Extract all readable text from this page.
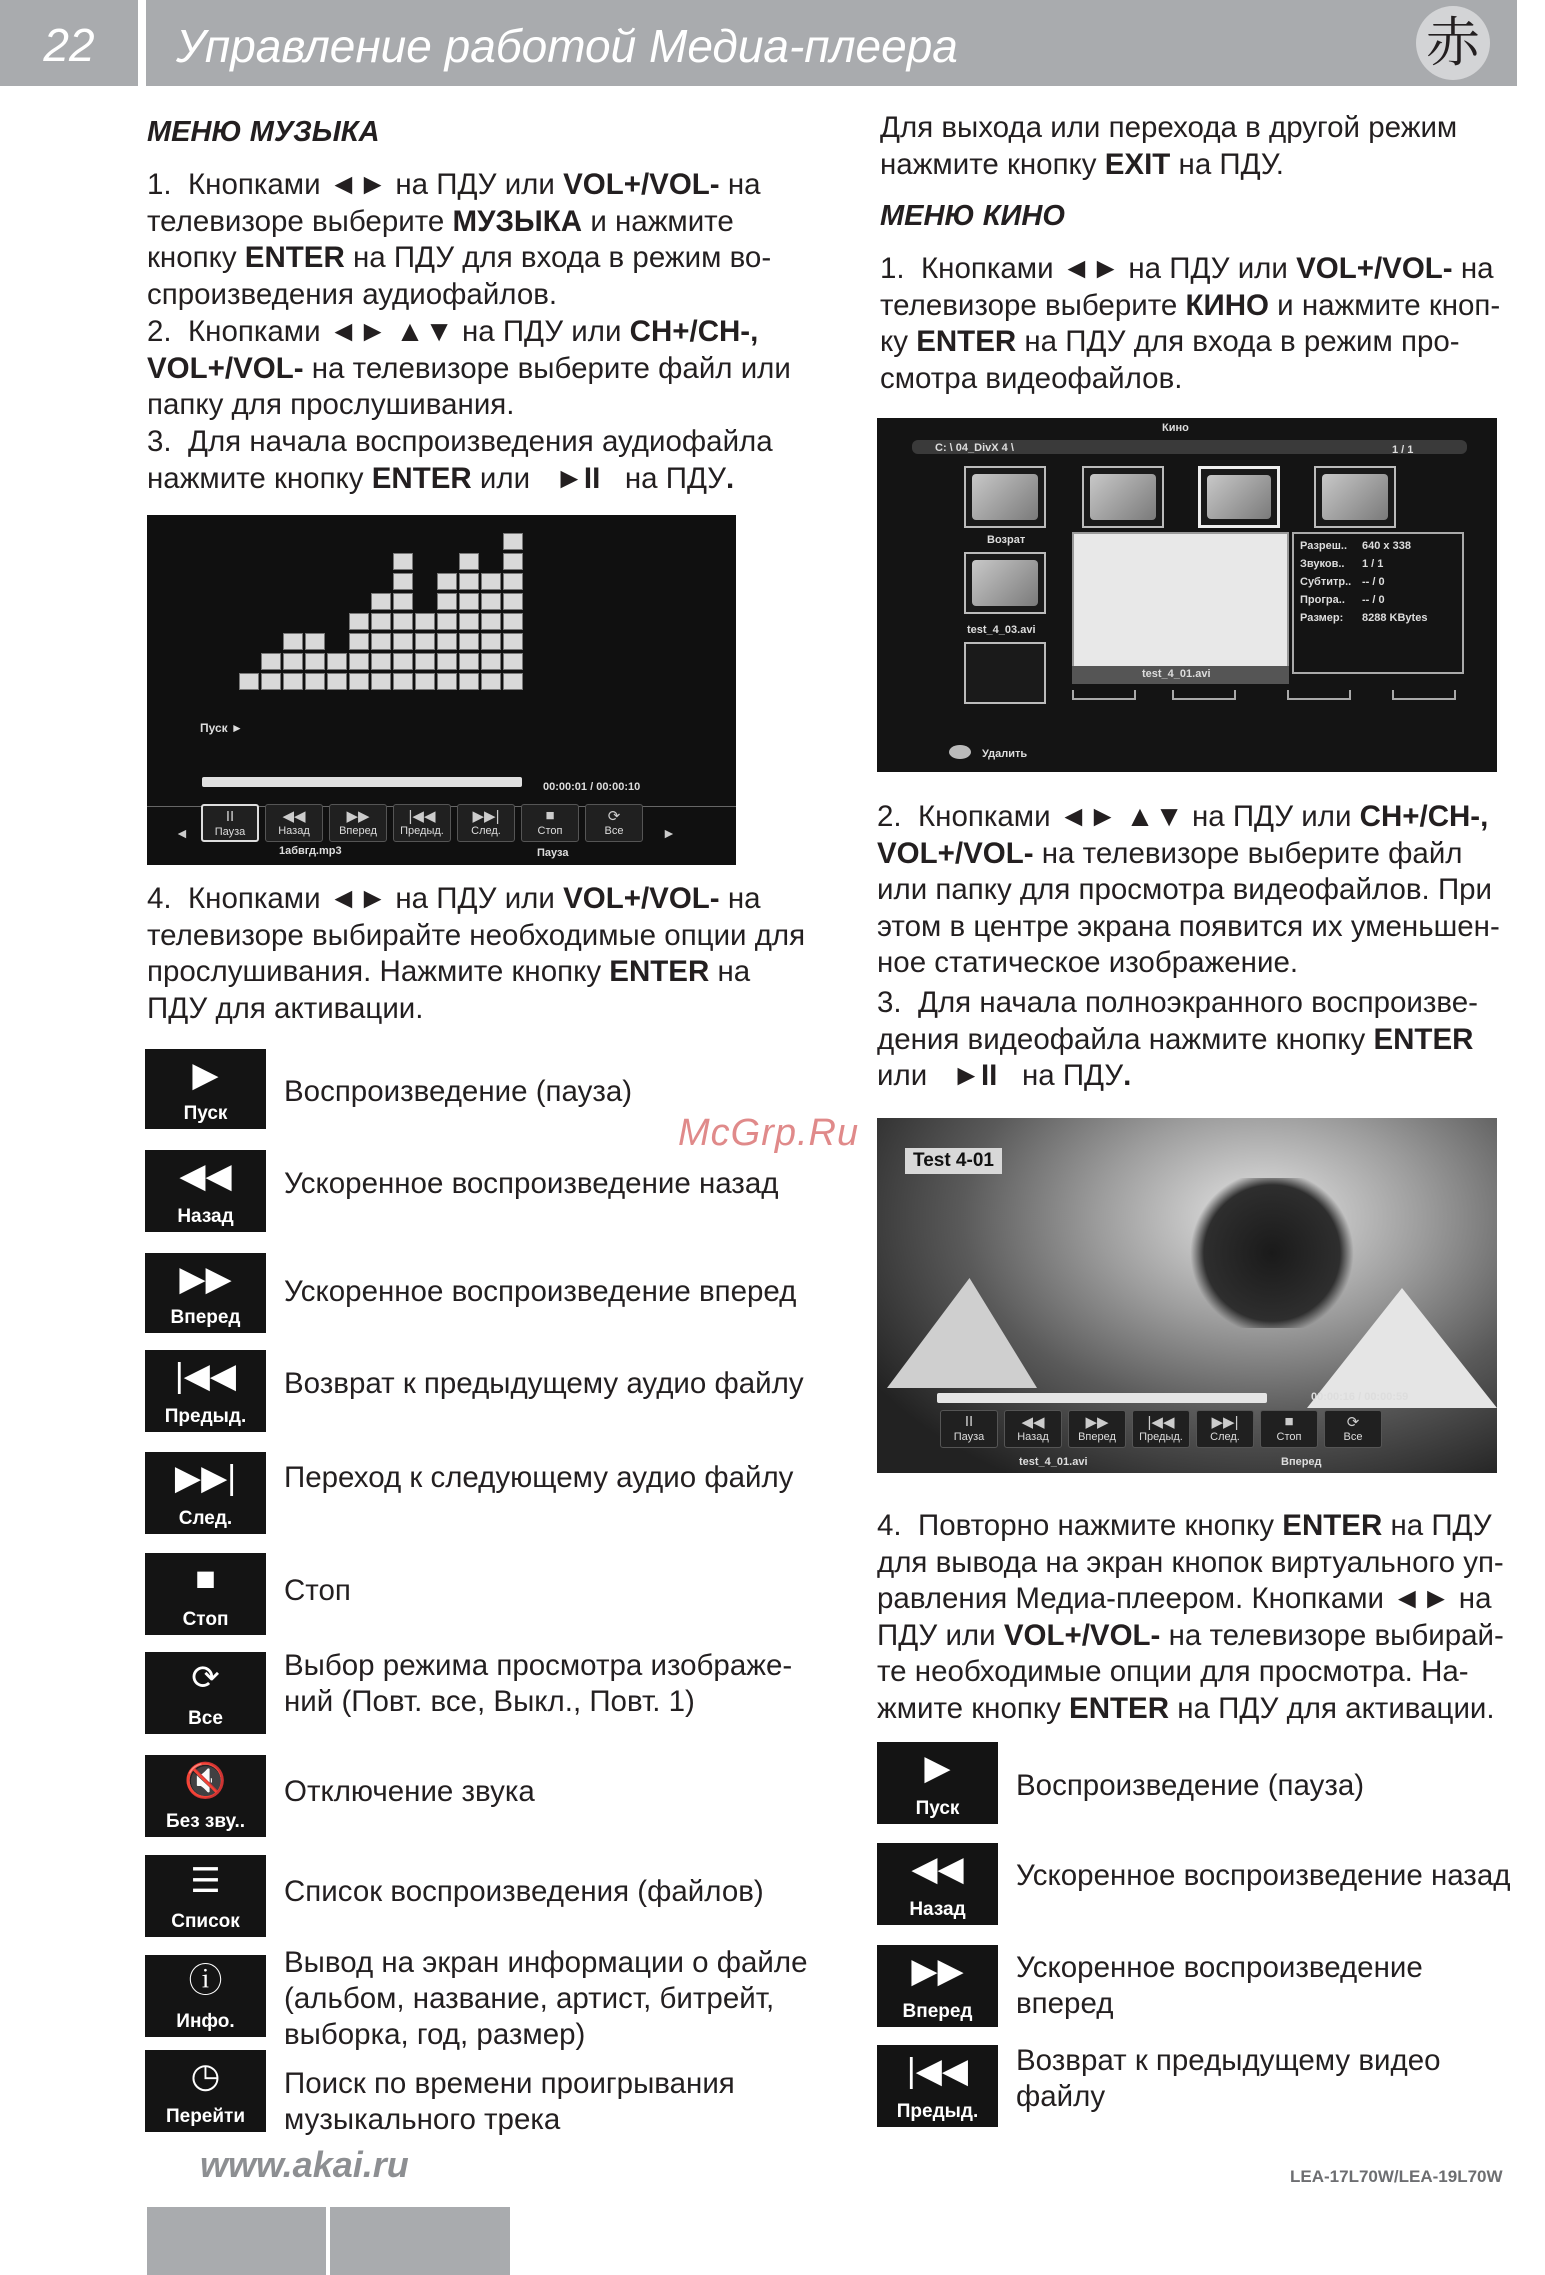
22	Управление работой Медиа-плеера	赤
МЕНЮ МУЗЫКА

1.  Кнопками ◄► на ПДУ или VOL+/VOL- на телевизоре выберите МУЗЫКА и нажмите кнопку ENTER на ПДУ для входа в режим во-спроизведения аудиофайлов.

2.  Кнопками ◄► ▲▼ на ПДУ или CH+/CH-, VOL+/VOL- на телевизоре выберите файл или папку для прослушивания.

3.  Для начала воспроизведения аудиофайла нажмите кнопку ENTER или   ►II   на ПДУ.

Пуск ►
00:00:01 / 00:00:10
II
Пауза
◀◀
Назад
▶▶
Вперед
|◀◀
Предыд.
▶▶|
След.
■
Стоп
⟳
Все
1абвгд.mp3	Пауза
◄	►

4.  Кнопками ◄► на ПДУ или VOL+/VOL- на телевизоре выбирайте необходимые опции для прослушивания. Нажмите кнопку ENTER на ПДУ для активации.

▶
Пуск
Воспроизведение (пауза)
◀◀
Назад
Ускоренное воспроизведение назад
▶▶
Вперед
Ускоренное воспроизведение вперед
|◀◀
Предыд.
Возврат к предыдущему аудио файлу
▶▶|
След.
Переход к следующему аудио файлу
■
Стоп
Стоп
⟳
Все
Выбор режима просмотра изображе-
ний (Повт. все, Выкл., Повт. 1)
🔇
Без зву..
Отключение звука
☰
Список
Список воспроизведения (файлов)
ⓘ
Инфо.
Вывод на экран информации о файле
(альбом, название, артист, битрейт,
выборка, год, размер)
◷
Перейти
Поиск по времени проигрывания
музыкального трека

Для выхода или перехода в другой режим нажмите кнопку EXIT на ПДУ.

МЕНЮ КИНО

1.  Кнопками ◄► на ПДУ или VOL+/VOL- на телевизоре выберите КИНО и нажмите кноп-ку ENTER на ПДУ для входа в режим про-смотра видеофайлов.

Кино
C: \ 04_DivX 4 \	1 / 1
Возрат
test_4_03.avi
test_4_01.avi
Разреш.. 640 x 338
Звуков.. 1 / 1
Субтитр.. -- / 0
Програ.. -- / 0
Размер: 8288 KBytes
Удалить

2.  Кнопками ◄► ▲▼ на ПДУ или CH+/CH-, VOL+/VOL- на телевизоре выберите файл или папку для просмотра видеофайлов. При этом в центре экрана появится их уменьшен-ное статическое изображение.

3.  Для начала полноэкранного воспроизве-дения видеофайла нажмите кнопку ENTER или   ►II   на ПДУ.

Test 4-01
00:00:16 / 00:00:59
II
Пауза
◀◀
Назад
▶▶
Вперед
|◀◀
Предыд.
▶▶|
След.
■
Стоп
⟳
Все
test_4_01.avi	Вперед

4.  Повторно нажмите кнопку ENTER на ПДУ для вывода на экран кнопок виртуального уп-равления Медиа-плеером. Кнопками ◄► на ПДУ или VOL+/VOL- на телевизоре выбирай-те необходимые опции для просмотра. На-жмите кнопку ENTER на ПДУ для активации.

▶
Пуск
Воспроизведение (пауза)
◀◀
Назад
Ускоренное воспроизведение назад
▶▶
Вперед
Ускоренное воспроизведение
вперед
|◀◀
Предыд.
Возврат к предыдущему видео
файлу
McGrp.Ru
www.akai.ru	LEA-17L70W/LEA-19L70W
